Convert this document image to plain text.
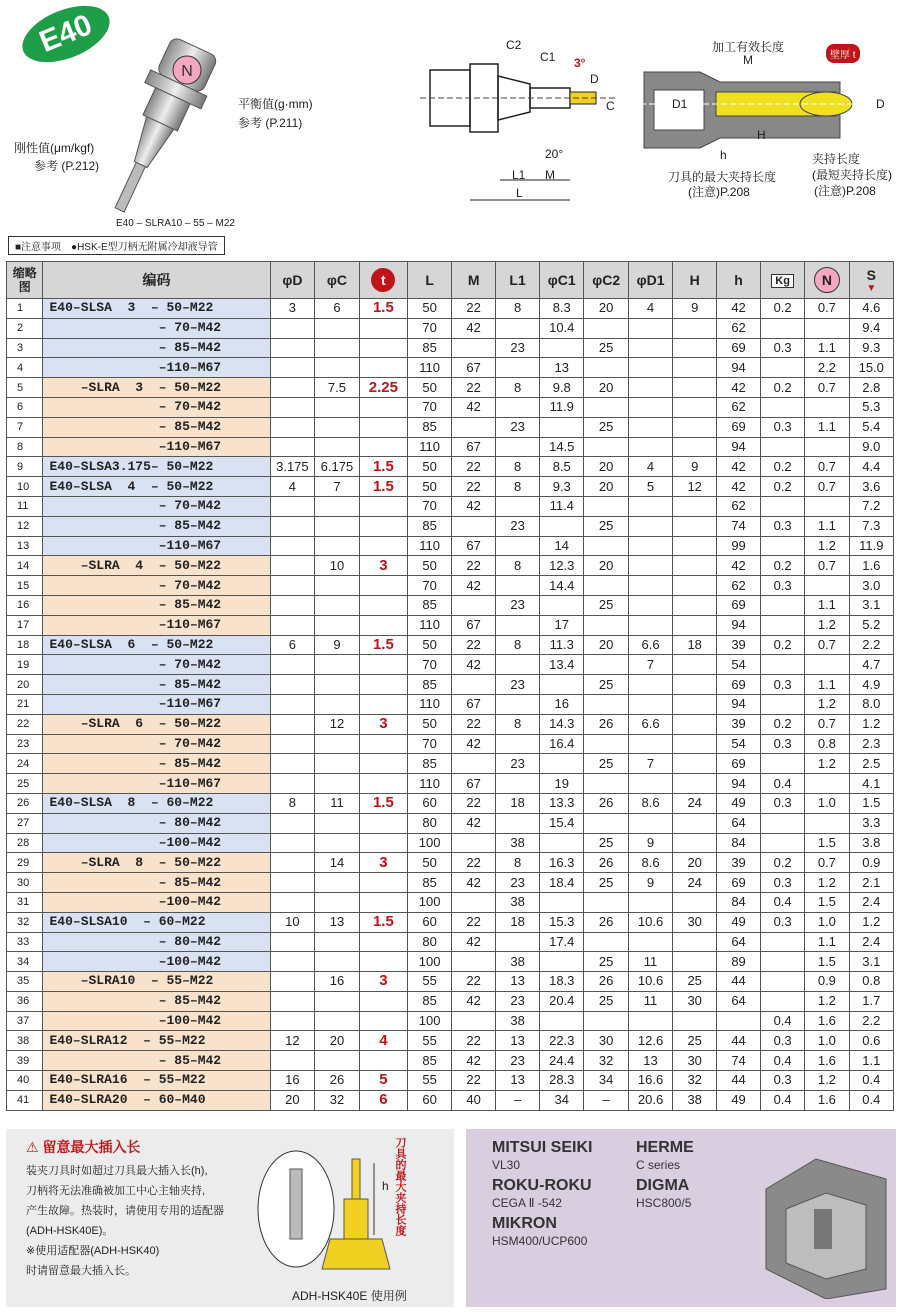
E40
N
平衡值(g·mm)
参考 (P.211)
刚性值(μm/kgf)
参考 (P.212)
E40 – SLRA10 – 55 – M22
C2
C1 3°
D
C
20°
L1 M
L
加工有效长度
M	壁厚 t
D
D1
H
h	夹持长度
刀具的最大夹持长度	(最短夹持长度)
(注意)P.208	(注意)P.208
■注意事项　●HSK-E型刀柄无附属冷却液导管
缩略图	编码	φD	φC	t	L	M	L1	φC1	φC2	φD1	H	h	Kg	N	S
▼

1	E40–SLSA  3  – 50–M22	3	6	1.5	50	22	8	8.3	20	4	9	42	0.2	0.7	4.6
2	– 70–M42				70	42		10.4				62			9.4
3	– 85–M42				85		23		25			69	0.3	1.1	9.3
4	–110–M67				110	67		13				94		2.2	15.0
5	–SLRA  3  – 50–M22		7.5	2.25	50	22	8	9.8	20			42	0.2	0.7	2.8
6	– 70–M42				70	42		11.9				62			5.3
7	– 85–M42				85		23		25			69	0.3	1.1	5.4
8	–110–M67				110	67		14.5				94			9.0
9	E40–SLSA3.175– 50–M22	3.175	6.175	1.5	50	22	8	8.5	20	4	9	42	0.2	0.7	4.4
10	E40–SLSA  4  – 50–M22	4	7	1.5	50	22	8	9.3	20	5	12	42	0.2	0.7	3.6
11	– 70–M42				70	42		11.4				62			7.2
12	– 85–M42				85		23		25			74	0.3	1.1	7.3
13	–110–M67				110	67		14				99		1.2	11.9
14	–SLRA  4  – 50–M22		10	3	50	22	8	12.3	20			42	0.2	0.7	1.6
15	– 70–M42				70	42		14.4				62	0.3		3.0
16	– 85–M42				85		23		25			69		1.1	3.1
17	–110–M67				110	67		17				94		1.2	5.2
18	E40–SLSA  6  – 50–M22	6	9	1.5	50	22	8	11.3	20	6.6	18	39	0.2	0.7	2.2
19	– 70–M42				70	42		13.4		7		54			4.7
20	– 85–M42				85		23		25			69	0.3	1.1	4.9
21	–110–M67				110	67		16				94		1.2	8.0
22	–SLRA  6  – 50–M22		12	3	50	22	8	14.3	26	6.6		39	0.2	0.7	1.2
23	– 70–M42				70	42		16.4				54	0.3	0.8	2.3
24	– 85–M42				85		23		25	7		69		1.2	2.5
25	–110–M67				110	67		19				94	0.4		4.1
26	E40–SLSA  8  – 60–M22	8	11	1.5	60	22	18	13.3	26	8.6	24	49	0.3	1.0	1.5
27	– 80–M42				80	42		15.4				64			3.3
28	–100–M42				100		38		25	9		84		1.5	3.8
29	–SLRA  8  – 50–M22		14	3	50	22	8	16.3	26	8.6	20	39	0.2	0.7	0.9
30	– 85–M42				85	42	23	18.4	25	9	24	69	0.3	1.2	2.1
31	–100–M42				100		38					84	0.4	1.5	2.4
32	E40–SLSA10  – 60–M22	10	13	1.5	60	22	18	15.3	26	10.6	30	49	0.3	1.0	1.2
33	– 80–M42				80	42		17.4				64		1.1	2.4
34	–100–M42				100		38		25	11		89		1.5	3.1
35	–SLRA10  – 55–M22		16	3	55	22	13	18.3	26	10.6	25	44		0.9	0.8
36	– 85–M42				85	42	23	20.4	25	11	30	64		1.2	1.7
37	–100–M42				100		38						0.4	1.6	2.2
38	E40–SLRA12  – 55–M22	12	20	4	55	22	13	22.3	30	12.6	25	44	0.3	1.0	0.6
39	– 85–M42				85	42	23	24.4	32	13	30	74	0.4	1.6	1.1
40	E40–SLRA16  – 55–M22	16	26	5	55	22	13	28.3	34	16.6	32	44	0.3	1.2	0.4
41	E40–SLRA20  – 60–M40	20	32	6	60	40	–	34	–	20.6	38	49	0.4	1.6	0.4
⚠ 留意最大插入长
装夹刀具时如超过刀具最大插入长(h),
刀柄将无法准确被加工中心主轴夹持,
产生故障。热装时，请使用专用的适配器
(ADH-HSK40E)。
※使用适配器(ADH-HSK40)
时请留意最大插入长。
h 刀具的最大夹持长度
ADH-HSK40E 使用例
MITSUI SEIKI
VL30
ROKU-ROKU
CEGA Ⅱ -542
MIKRON
HSM400/UCP600
HERME
C series
DIGMA
HSC800/5
